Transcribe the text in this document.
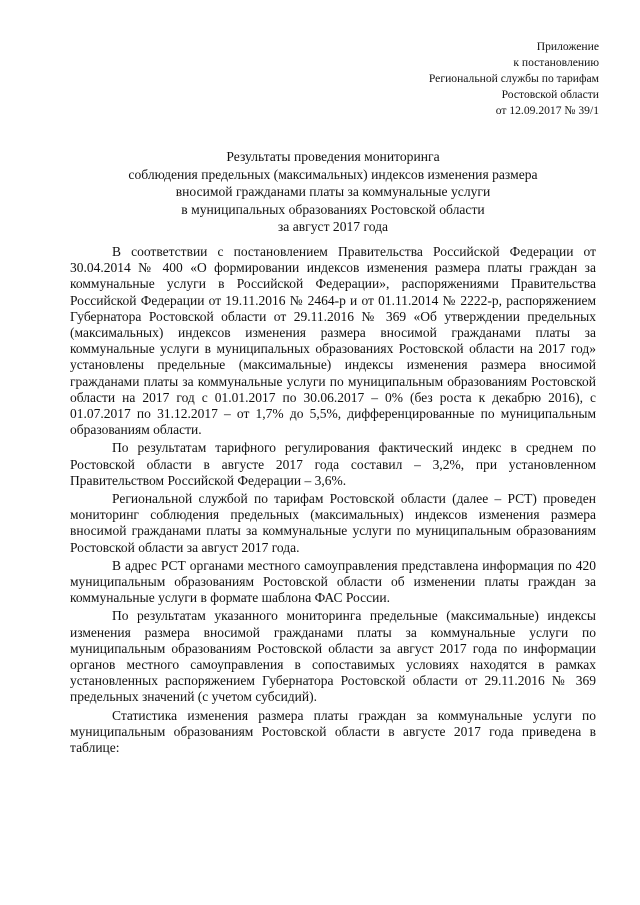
Приложение
к постановлению
Региональной службы по тарифам
Ростовской области
от 12.09.2017 № 39/1
Результаты проведения мониторинга
соблюдения предельных (максимальных) индексов изменения размера
вносимой гражданами платы за коммунальные услуги
в муниципальных образованиях Ростовской области
за август 2017 года

В соответствии с постановлением Правительства Российской Федерации от 30.04.2014 № 400 «О формировании индексов изменения размера платы граждан за коммунальные услуги в Российской Федерации», распоряжениями Правительства Российской Федерации от 19.11.2016 № 2464-р и от 01.11.2014 № 2222-р, распоряжением Губернатора Ростовской области от 29.11.2016 № 369 «Об утверждении предельных (максимальных) индексов изменения размера вносимой гражданами платы за коммунальные услуги в муниципальных образованиях Ростовской области на 2017 год» установлены предельные (максимальные) индексы изменения размера вносимой гражданами платы за коммунальные услуги по муниципальным образованиям Ростовской области на 2017 год с 01.01.2017 по 30.06.2017 – 0% (без роста к декабрю 2016), с 01.07.2017 по 31.12.2017 – от 1,7% до 5,5%, дифференцированные по муниципальным образованиям области.

По результатам тарифного регулирования фактический индекс в среднем по Ростовской области в августе 2017 года составил – 3,2%, при установленном Правительством Российской Федерации – 3,6%.

Региональной службой по тарифам Ростовской области (далее – РСТ) проведен мониторинг соблюдения предельных (максимальных) индексов изменения размера вносимой гражданами платы за коммунальные услуги по муниципальным образованиям Ростовской области за август 2017 года.

В адрес РСТ органами местного самоуправления представлена информация по 420 муниципальным образованиям Ростовской области об изменении платы граждан за коммунальные услуги в формате шаблона ФАС России.

По результатам указанного мониторинга предельные (максимальные) индексы изменения размера вносимой гражданами платы за коммунальные услуги по муниципальным образованиям Ростовской области за август 2017 года по информации органов местного самоуправления в сопоставимых условиях находятся в рамках установленных распоряжением Губернатора Ростовской области от 29.11.2016 № 369 предельных значений (с учетом субсидий).

Статистика изменения размера платы граждан за коммунальные услуги по муниципальным образованиям Ростовской области в августе 2017 года приведена в таблице:
